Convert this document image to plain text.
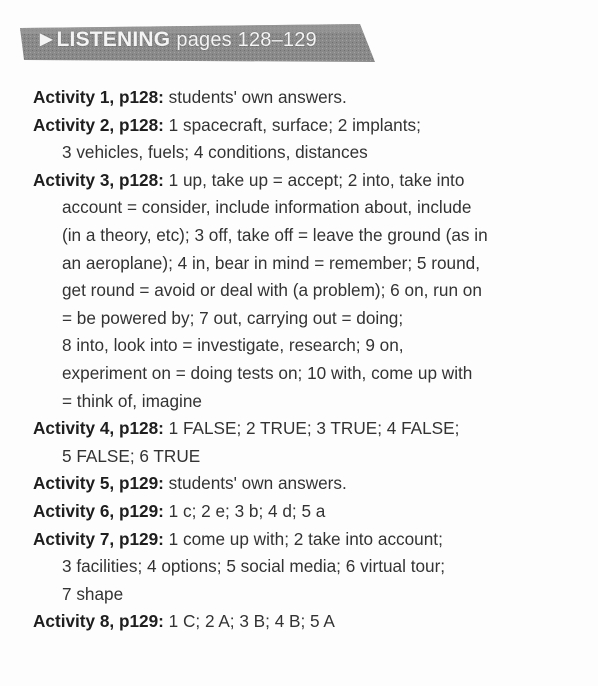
▶ LISTENING pages 128–129
Activity 1, p128: students' own answers.
Activity 2, p128: 1 spacecraft, surface; 2 implants;
3 vehicles, fuels; 4 conditions, distances
Activity 3, p128: 1 up, take up = accept; 2 into, take into
account = consider, include information about, include
(in a theory, etc); 3 off, take off = leave the ground (as in
an aeroplane); 4 in, bear in mind = remember; 5 round,
get round = avoid or deal with (a problem); 6 on, run on
= be powered by; 7 out, carrying out = doing;
8 into, look into = investigate, research; 9 on,
experiment on = doing tests on; 10 with, come up with
= think of, imagine
Activity 4, p128: 1 FALSE; 2 TRUE; 3 TRUE; 4 FALSE;
5 FALSE; 6 TRUE
Activity 5, p129: students' own answers.
Activity 6, p129: 1 c; 2 e; 3 b; 4 d; 5 a
Activity 7, p129: 1 come up with; 2 take into account;
3 facilities; 4 options; 5 social media; 6 virtual tour;
7 shape
Activity 8, p129: 1 C; 2 A; 3 B; 4 B; 5 A
